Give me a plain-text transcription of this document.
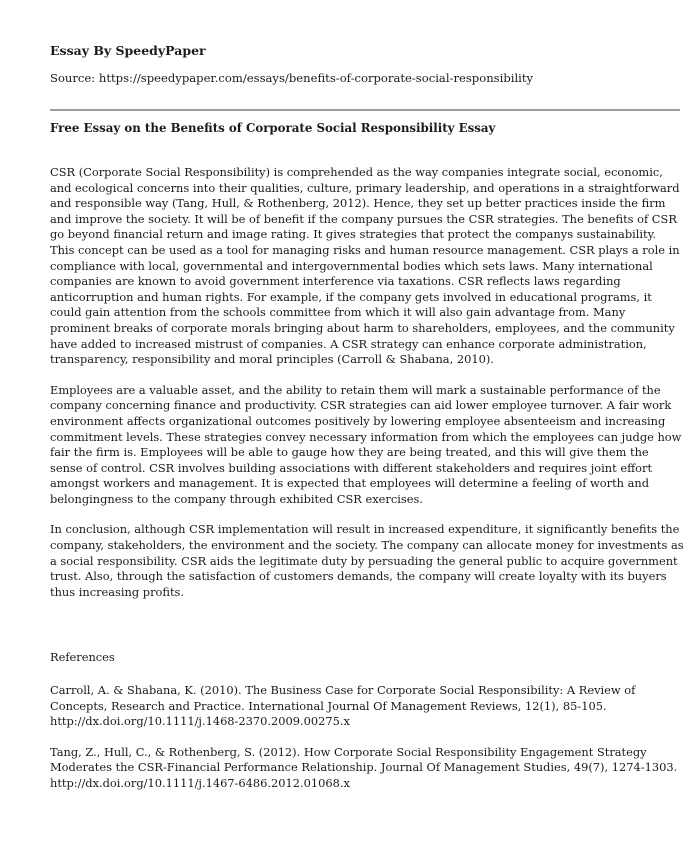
Essay By SpeedyPaper

Source: https://speedypaper.com/essays/benefits-of-corporate-social-responsibility

Free Essay on the Benefits of Corporate Social Responsibility Essay

CSR (Corporate Social Responsibility) is comprehended as the way companies integrate social, economic, and ecological concerns into their qualities, culture, primary leadership, and operations in a straightforward and responsible way (Tang, Hull, & Rothenberg, 2012). Hence, they set up better practices inside the firm and improve the society. It will be of benefit if the company pursues the CSR strategies. The benefits of CSR go beyond financial return and image rating. It gives strategies that protect the companys sustainability. This concept can be used as a tool for managing risks and human resource management. CSR plays a role in compliance with local, governmental and intergovernmental bodies which sets laws. Many international companies are known to avoid government interference via taxations. CSR reflects laws regarding anticorruption and human rights. For example, if the company gets involved in educational programs, it could gain attention from the schools committee from which it will also gain advantage from. Many prominent breaks of corporate morals bringing about harm to shareholders, employees, and the community have added to increased mistrust of companies. A CSR strategy can enhance corporate administration, transparency, responsibility and moral principles (Carroll & Shabana, 2010).

Employees are a valuable asset, and the ability to retain them will mark a sustainable performance of the company concerning finance and productivity. CSR strategies can aid lower employee turnover. A fair work environment affects organizational outcomes positively by lowering employee absenteeism and increasing commitment levels. These strategies convey necessary information from which the employees can judge how fair the firm is. Employees will be able to gauge how they are being treated, and this will give them the sense of control. CSR involves building associations with different stakeholders and requires joint effort amongst workers and management. It is expected that employees will determine a feeling of worth and belongingness to the company through exhibited CSR exercises.

In conclusion, although CSR implementation will result in increased expenditure, it significantly benefits the company, stakeholders, the environment and the society. The company can allocate money for investments as a social responsibility. CSR aids the legitimate duty by persuading the general public to acquire government trust. Also, through the satisfaction of customers demands, the company will create loyalty with its buyers thus increasing profits.

References

Carroll, A. & Shabana, K. (2010). The Business Case for Corporate Social Responsibility: A Review of Concepts, Research and Practice. International Journal Of Management Reviews, 12(1), 85-105. http://dx.doi.org/10.1111/j.1468-2370.2009.00275.x

Tang, Z., Hull, C., & Rothenberg, S. (2012). How Corporate Social Responsibility Engagement Strategy Moderates the CSR-Financial Performance Relationship. Journal Of Management Studies, 49(7), 1274-1303. http://dx.doi.org/10.1111/j.1467-6486.2012.01068.x
